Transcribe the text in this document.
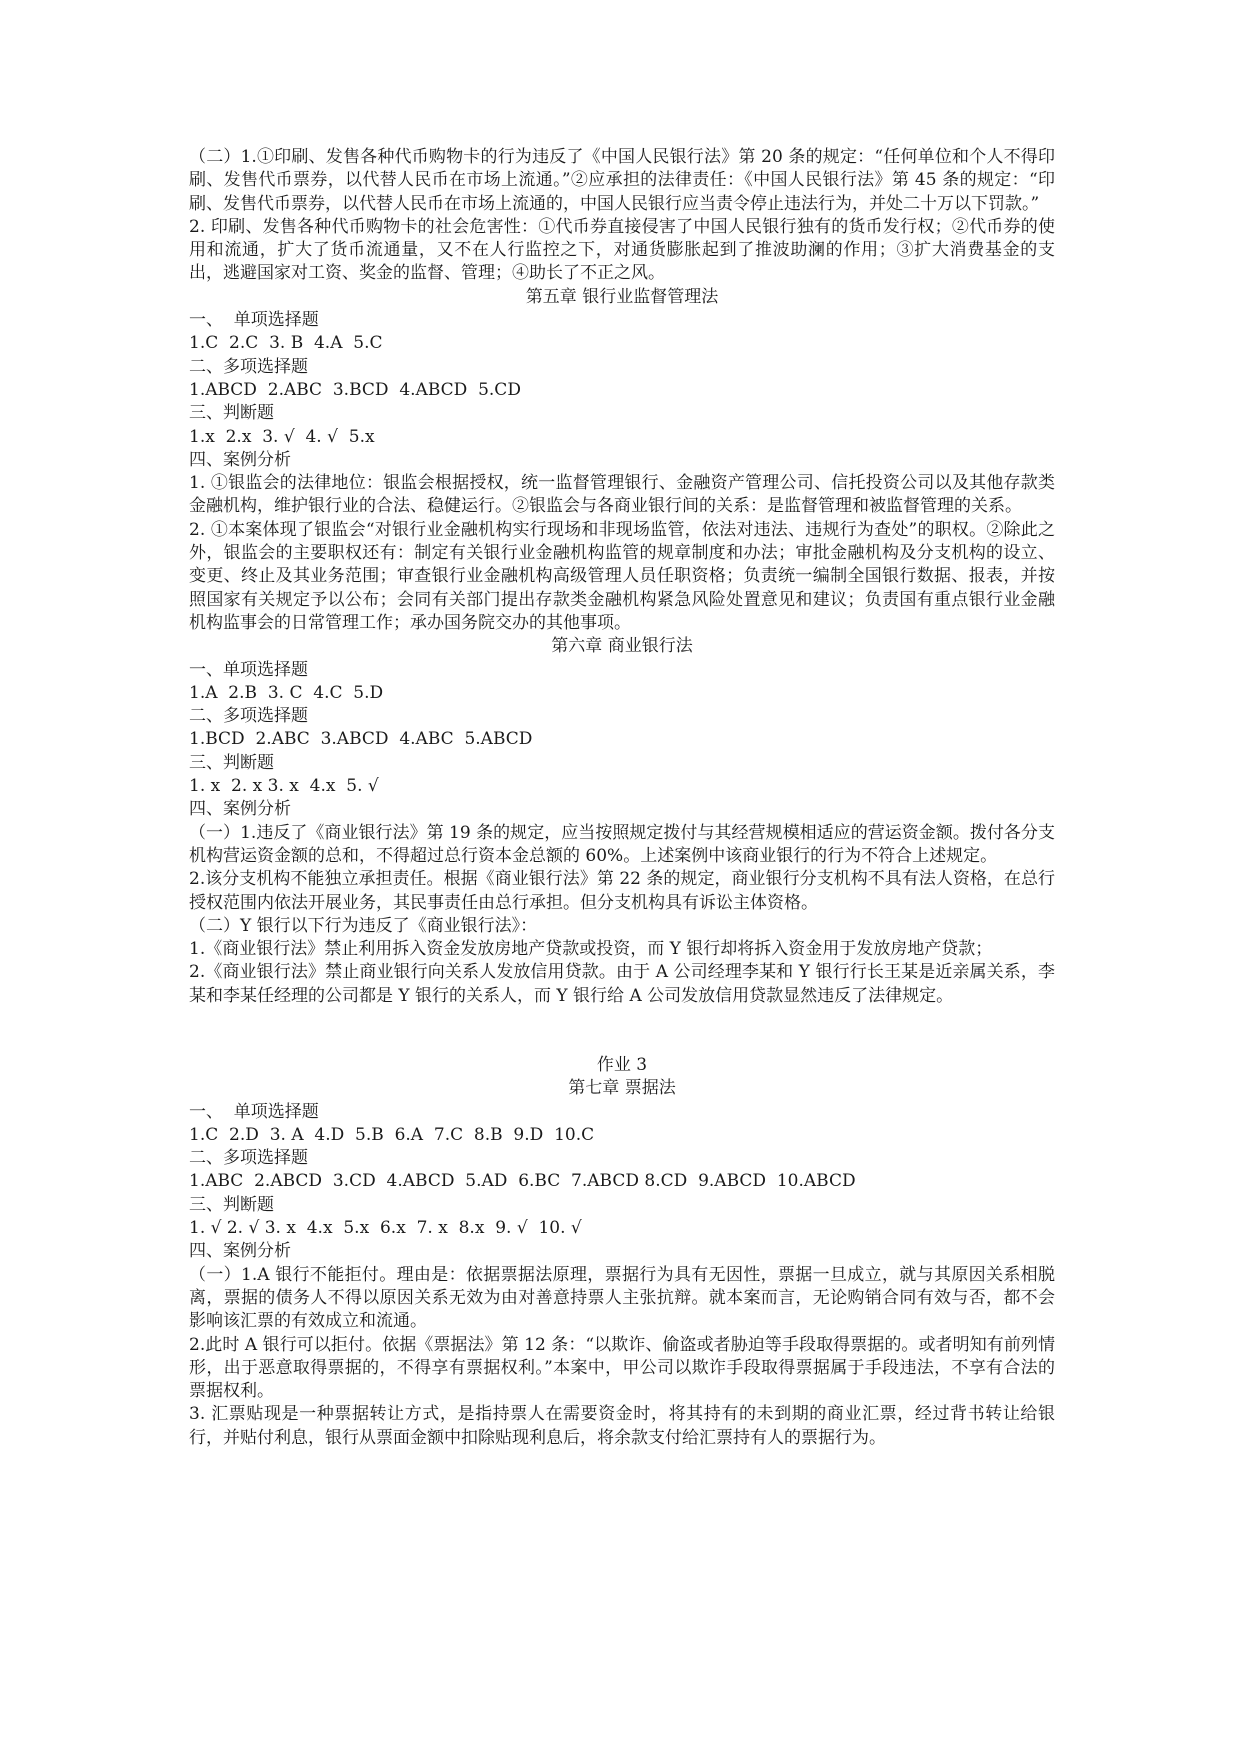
（二）1.①印刷、发售各种代币购物卡的行为违反了《中国人民银行法》第 20 条的规定：“任何单位和个人不得印刷、发售代币票券，以代替人民币在市场上流通。”②应承担的法律责任：《中国人民银行法》第 45 条的规定：“印刷、发售代币票券，以代替人民币在市场上流通的，中国人民银行应当责令停止违法行为，并处二十万以下罚款。”
2. 印刷、发售各种代币购物卡的社会危害性：①代币券直接侵害了中国人民银行独有的货币发行权；②代币券的使用和流通，扩大了货币流通量，又不在人行监控之下，对通货膨胀起到了推波助澜的作用；③扩大消费基金的支出，逃避国家对工资、奖金的监督、管理；④助长了不正之风。
第五章 银行业监督管理法
一、  单项选择题
1.C  2.C  3. B  4.A  5.C
二、多项选择题
1.ABCD  2.ABC  3.BCD  4.ABCD  5.CD
三、判断题
1.x  2.x  3. √  4. √  5.x
四、案例分析
1. ①银监会的法律地位：银监会根据授权，统一监督管理银行、金融资产管理公司、信托投资公司以及其他存款类金融机构，维护银行业的合法、稳健运行。②银监会与各商业银行间的关系：是监督管理和被监督管理的关系。
2. ①本案体现了银监会“对银行业金融机构实行现场和非现场监管，依法对违法、违规行为查处”的职权。②除此之外，银监会的主要职权还有：制定有关银行业金融机构监管的规章制度和办法；审批金融机构及分支机构的设立、变更、终止及其业务范围；审查银行业金融机构高级管理人员任职资格；负责统一编制全国银行数据、报表，并按照国家有关规定予以公布；会同有关部门提出存款类金融机构紧急风险处置意见和建议；负责国有重点银行业金融机构监事会的日常管理工作；承办国务院交办的其他事项。
第六章 商业银行法
一、单项选择题
1.A  2.B  3. C  4.C  5.D
二、多项选择题
1.BCD  2.ABC  3.ABCD  4.ABC  5.ABCD
三、判断题
1. x  2. x 3. x  4.x  5. √
四、案例分析
（一）1.违反了《商业银行法》第 19 条的规定，应当按照规定拨付与其经营规模相适应的营运资金额。拨付各分支机构营运资金额的总和，不得超过总行资本金总额的 60%。上述案例中该商业银行的行为不符合上述规定。
2.该分支机构不能独立承担责任。根据《商业银行法》第 22 条的规定，商业银行分支机构不具有法人资格，在总行授权范围内依法开展业务，其民事责任由总行承担。但分支机构具有诉讼主体资格。
（二）Y 银行以下行为违反了《商业银行法》：
1.《商业银行法》禁止利用拆入资金发放房地产贷款或投资，而 Y 银行却将拆入资金用于发放房地产贷款；
2.《商业银行法》禁止商业银行向关系人发放信用贷款。由于 A 公司经理李某和 Y 银行行长王某是近亲属关系，李某和李某任经理的公司都是 Y 银行的关系人，而 Y 银行给 A 公司发放信用贷款显然违反了法律规定。
作业 3
第七章 票据法
一、  单项选择题
1.C  2.D  3. A  4.D  5.B  6.A  7.C  8.B  9.D  10.C
二、多项选择题
1.ABC  2.ABCD  3.CD  4.ABCD  5.AD  6.BC  7.ABCD 8.CD  9.ABCD  10.ABCD
三、判断题
1. √ 2. √ 3. x  4.x  5.x  6.x  7. x  8.x  9. √  10. √
四、案例分析
（一）1.A 银行不能拒付。理由是：依据票据法原理，票据行为具有无因性，票据一旦成立，就与其原因关系相脱离，票据的债务人不得以原因关系无效为由对善意持票人主张抗辩。就本案而言，无论购销合同有效与否，都不会影响该汇票的有效成立和流通。
2.此时 A 银行可以拒付。依据《票据法》第 12 条：“以欺诈、偷盗或者胁迫等手段取得票据的。或者明知有前列情形，出于恶意取得票据的，不得享有票据权利。”本案中，甲公司以欺诈手段取得票据属于手段违法，不享有合法的票据权利。
3. 汇票贴现是一种票据转让方式，是指持票人在需要资金时，将其持有的未到期的商业汇票，经过背书转让给银行，并贴付利息，银行从票面金额中扣除贴现利息后，将余款支付给汇票持有人的票据行为。
